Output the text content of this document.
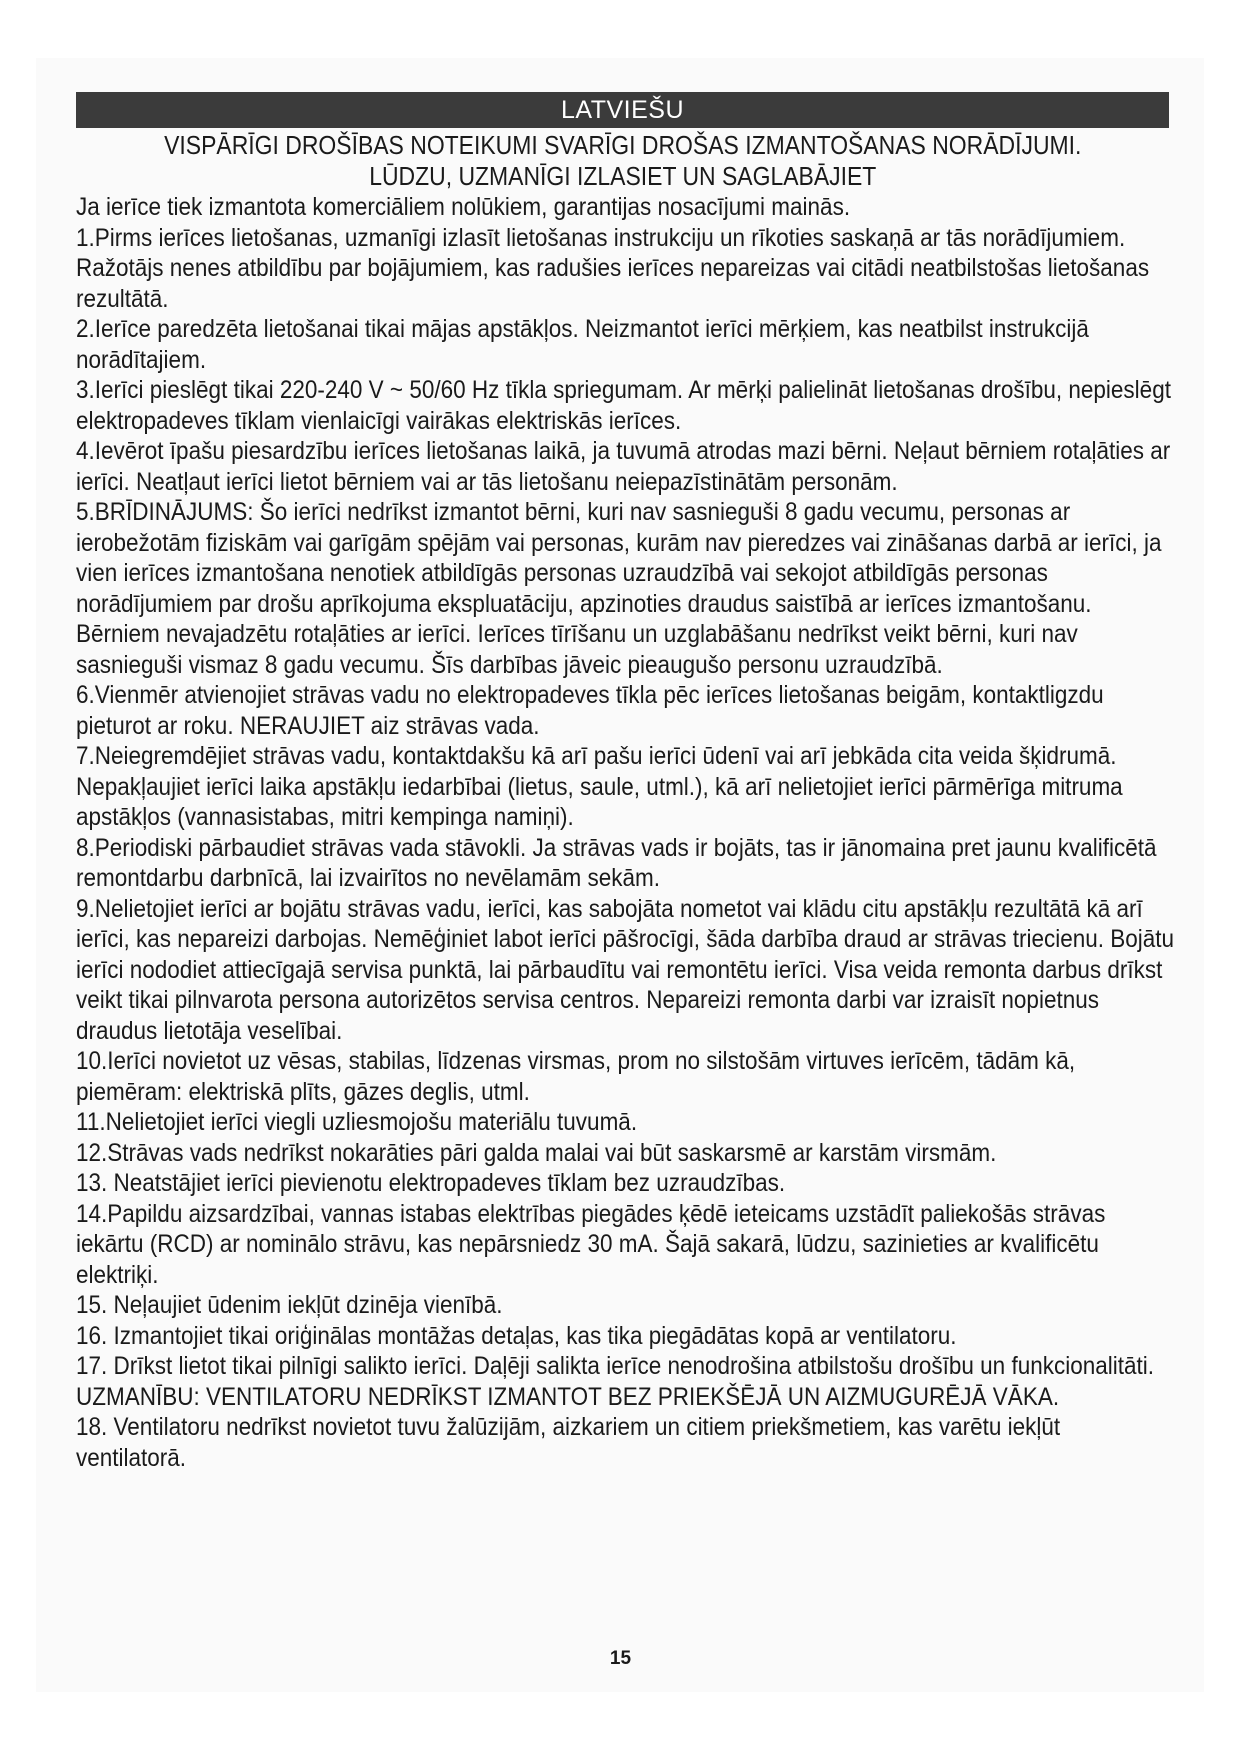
LATVIEŠU

VISPĀRĪGI DROŠĪBAS NOTEIKUMI SVARĪGI DROŠAS IZMANTOŠANAS NORĀDĪJUMI.

LŪDZU, UZMANĪGI IZLASIET UN SAGLABĀJIET

Ja ierīce tiek izmantota komerciāliem nolūkiem, garantijas nosacījumi mainās.

1.Pirms ierīces lietošanas, uzmanīgi izlasīt lietošanas instrukciju un rīkoties saskaņā ar tās norādījumiem. Ražotājs nenes atbildību par bojājumiem, kas radušies ierīces nepareizas vai citādi neatbilstošas lietošanas rezultātā.

2.Ierīce paredzēta lietošanai tikai mājas apstākļos. Neizmantot ierīci mērķiem, kas neatbilst instrukcijā norādītajiem.

3.Ierīci pieslēgt tikai 220-240 V ~ 50/60 Hz tīkla spriegumam. Ar mērķi palielināt lietošanas drošību, nepieslēgt elektropadeves tīklam vienlaicīgi vairākas elektriskās ierīces.

4.Ievērot īpašu piesardzību ierīces lietošanas laikā, ja tuvumā atrodas mazi bērni. Neļaut bērniem rotaļāties ar ierīci. Neatļaut ierīci lietot bērniem vai ar tās lietošanu neiepazīstinātām personām.

5.BRĪDINĀJUMS: Šo ierīci nedrīkst izmantot bērni, kuri nav sasnieguši 8 gadu vecumu, personas ar ierobežotām fiziskām vai garīgām spējām vai personas, kurām nav pieredzes vai zināšanas darbā ar ierīci, ja vien ierīces izmantošana nenotiek atbildīgās personas uzraudzībā vai sekojot atbildīgās personas norādījumiem par drošu aprīkojuma ekspluatāciju, apzinoties draudus saistībā ar ierīces izmantošanu. Bērniem nevajadzētu rotaļāties ar ierīci. Ierīces tīrīšanu un uzglabāšanu nedrīkst veikt bērni, kuri nav sasnieguši vismaz 8 gadu vecumu. Šīs darbības jāveic pieaugušo personu uzraudzībā.

6.Vienmēr atvienojiet strāvas vadu no elektropadeves tīkla pēc ierīces lietošanas beigām, kontaktligzdu pieturot ar roku. NERAUJIET aiz strāvas vada.

7.Neiegremdējiet strāvas vadu, kontaktdakšu kā arī pašu ierīci ūdenī vai arī jebkāda cita veida šķidrumā. Nepakļaujiet ierīci laika apstākļu iedarbībai (lietus, saule, utml.), kā arī nelietojiet ierīci pārmērīga mitruma apstākļos (vannasistabas, mitri kempinga namiņi).

8.Periodiski pārbaudiet strāvas vada stāvokli. Ja strāvas vads ir bojāts, tas ir jānomaina pret jaunu kvalificētā remontdarbu darbnīcā, lai izvairītos no nevēlamām sekām.

9.Nelietojiet ierīci ar bojātu strāvas vadu, ierīci, kas sabojāta nometot vai klādu citu apstākļu rezultātā kā arī ierīci, kas nepareizi darbojas. Nemēģiniet labot ierīci pāšrocīgi, šāda darbība draud ar strāvas triecienu. Bojātu ierīci nododiet attiecīgajā servisa punktā, lai pārbaudītu vai remontētu ierīci. Visa veida remonta darbus drīkst veikt tikai pilnvarota persona autorizētos servisa centros. Nepareizi remonta darbi var izraisīt nopietnus draudus lietotāja veselībai.

10.Ierīci novietot uz vēsas, stabilas, līdzenas virsmas, prom no silstošām virtuves ierīcēm, tādām kā, piemēram: elektriskā plīts, gāzes deglis, utml.

11.Nelietojiet ierīci viegli uzliesmojošu materiālu tuvumā.

12.Strāvas vads nedrīkst nokarāties pāri galda malai vai būt saskarsmē ar karstām virsmām.

13. Neatstājiet ierīci pievienotu elektropadeves tīklam bez uzraudzības.

14.Papildu aizsardzībai, vannas istabas elektrības piegādes ķēdē ieteicams uzstādīt paliekošās strāvas iekārtu (RCD) ar nominālo strāvu, kas nepārsniedz 30 mA. Šajā sakarā, lūdzu, sazinieties ar kvalificētu elektriķi.

15. Neļaujiet ūdenim iekļūt dzinēja vienībā.

16. Izmantojiet tikai oriģinālas montāžas detaļas, kas tika piegādātas kopā ar ventilatoru.

17. Drīkst lietot tikai pilnīgi salikto ierīci. Daļēji salikta ierīce nenodrošina atbilstošu drošību un funkcionalitāti.

UZMANĪBU: VENTILATORU NEDRĪKST IZMANTOT BEZ PRIEKŠĒJĀ UN AIZMUGURĒJĀ VĀKA.

18. Ventilatoru nedrīkst novietot tuvu žalūzijām, aizkariem un citiem priekšmetiem, kas varētu iekļūt ventilatorā.

15
